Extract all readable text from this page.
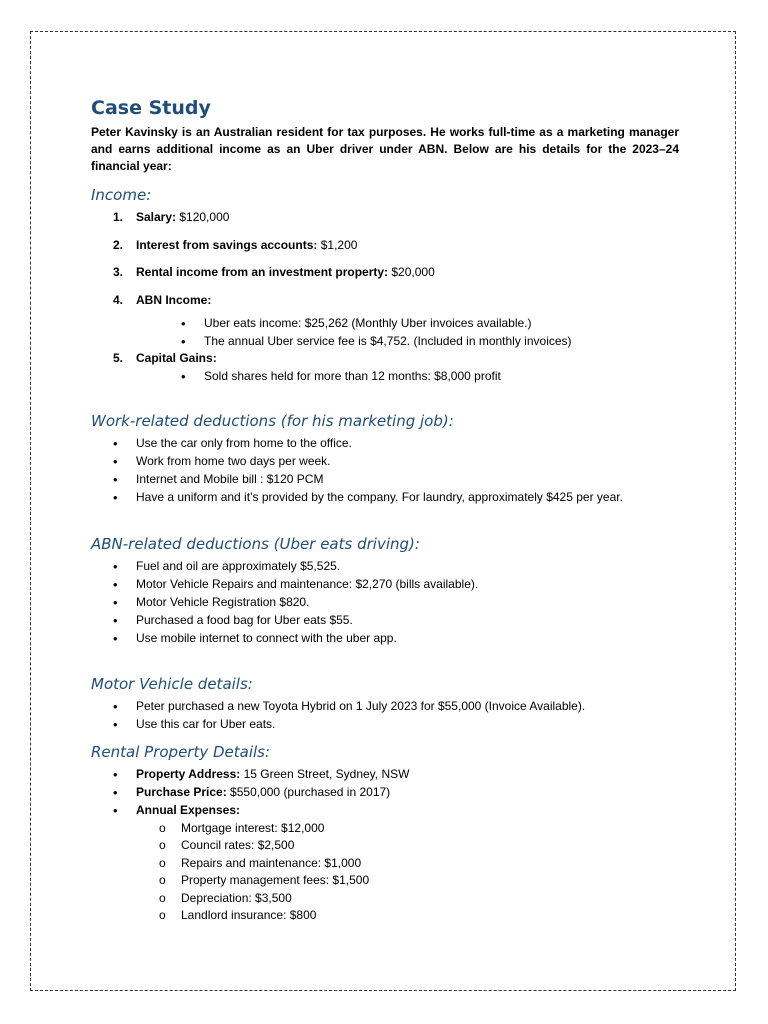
Case Study

Peter Kavinsky is an Australian resident for tax purposes. He works full-time as a marketing manager and earns additional income as an Uber driver under ABN. Below are his details for the 2023–24 financial year:

Income:
1. Salary: $120,000
2. Interest from savings accounts: $1,200
3. Rental income from an investment property: $20,000
4. ABN Income:
• Uber eats income: $25,262 (Monthly Uber invoices available.)
• The annual Uber service fee is $4,752. (Included in monthly invoices)
5. Capital Gains:
• Sold shares held for more than 12 months: $8,000 profit
Work-related deductions (for his marketing job):
• Use the car only from home to the office.
• Work from home two days per week.
• Internet and Mobile bill : $120 PCM
• Have a uniform and it’s provided by the company. For laundry, approximately $425 per year.
ABN-related deductions (Uber eats driving):
• Fuel and oil are approximately $5,525.
• Motor Vehicle Repairs and maintenance: $2,270 (bills available).
• Motor Vehicle Registration $820.
• Purchased a food bag for Uber eats $55.
• Use mobile internet to connect with the uber app.
Motor Vehicle details:
• Peter purchased a new Toyota Hybrid on 1 July 2023 for $55,000 (Invoice Available).
• Use this car for Uber eats.
Rental Property Details:
• Property Address: 15 Green Street, Sydney, NSW
• Purchase Price: $550,000 (purchased in 2017)
• Annual Expenses:
o Mortgage interest: $12,000
o Council rates: $2,500
o Repairs and maintenance: $1,000
o Property management fees: $1,500
o Depreciation: $3,500
o Landlord insurance: $800
